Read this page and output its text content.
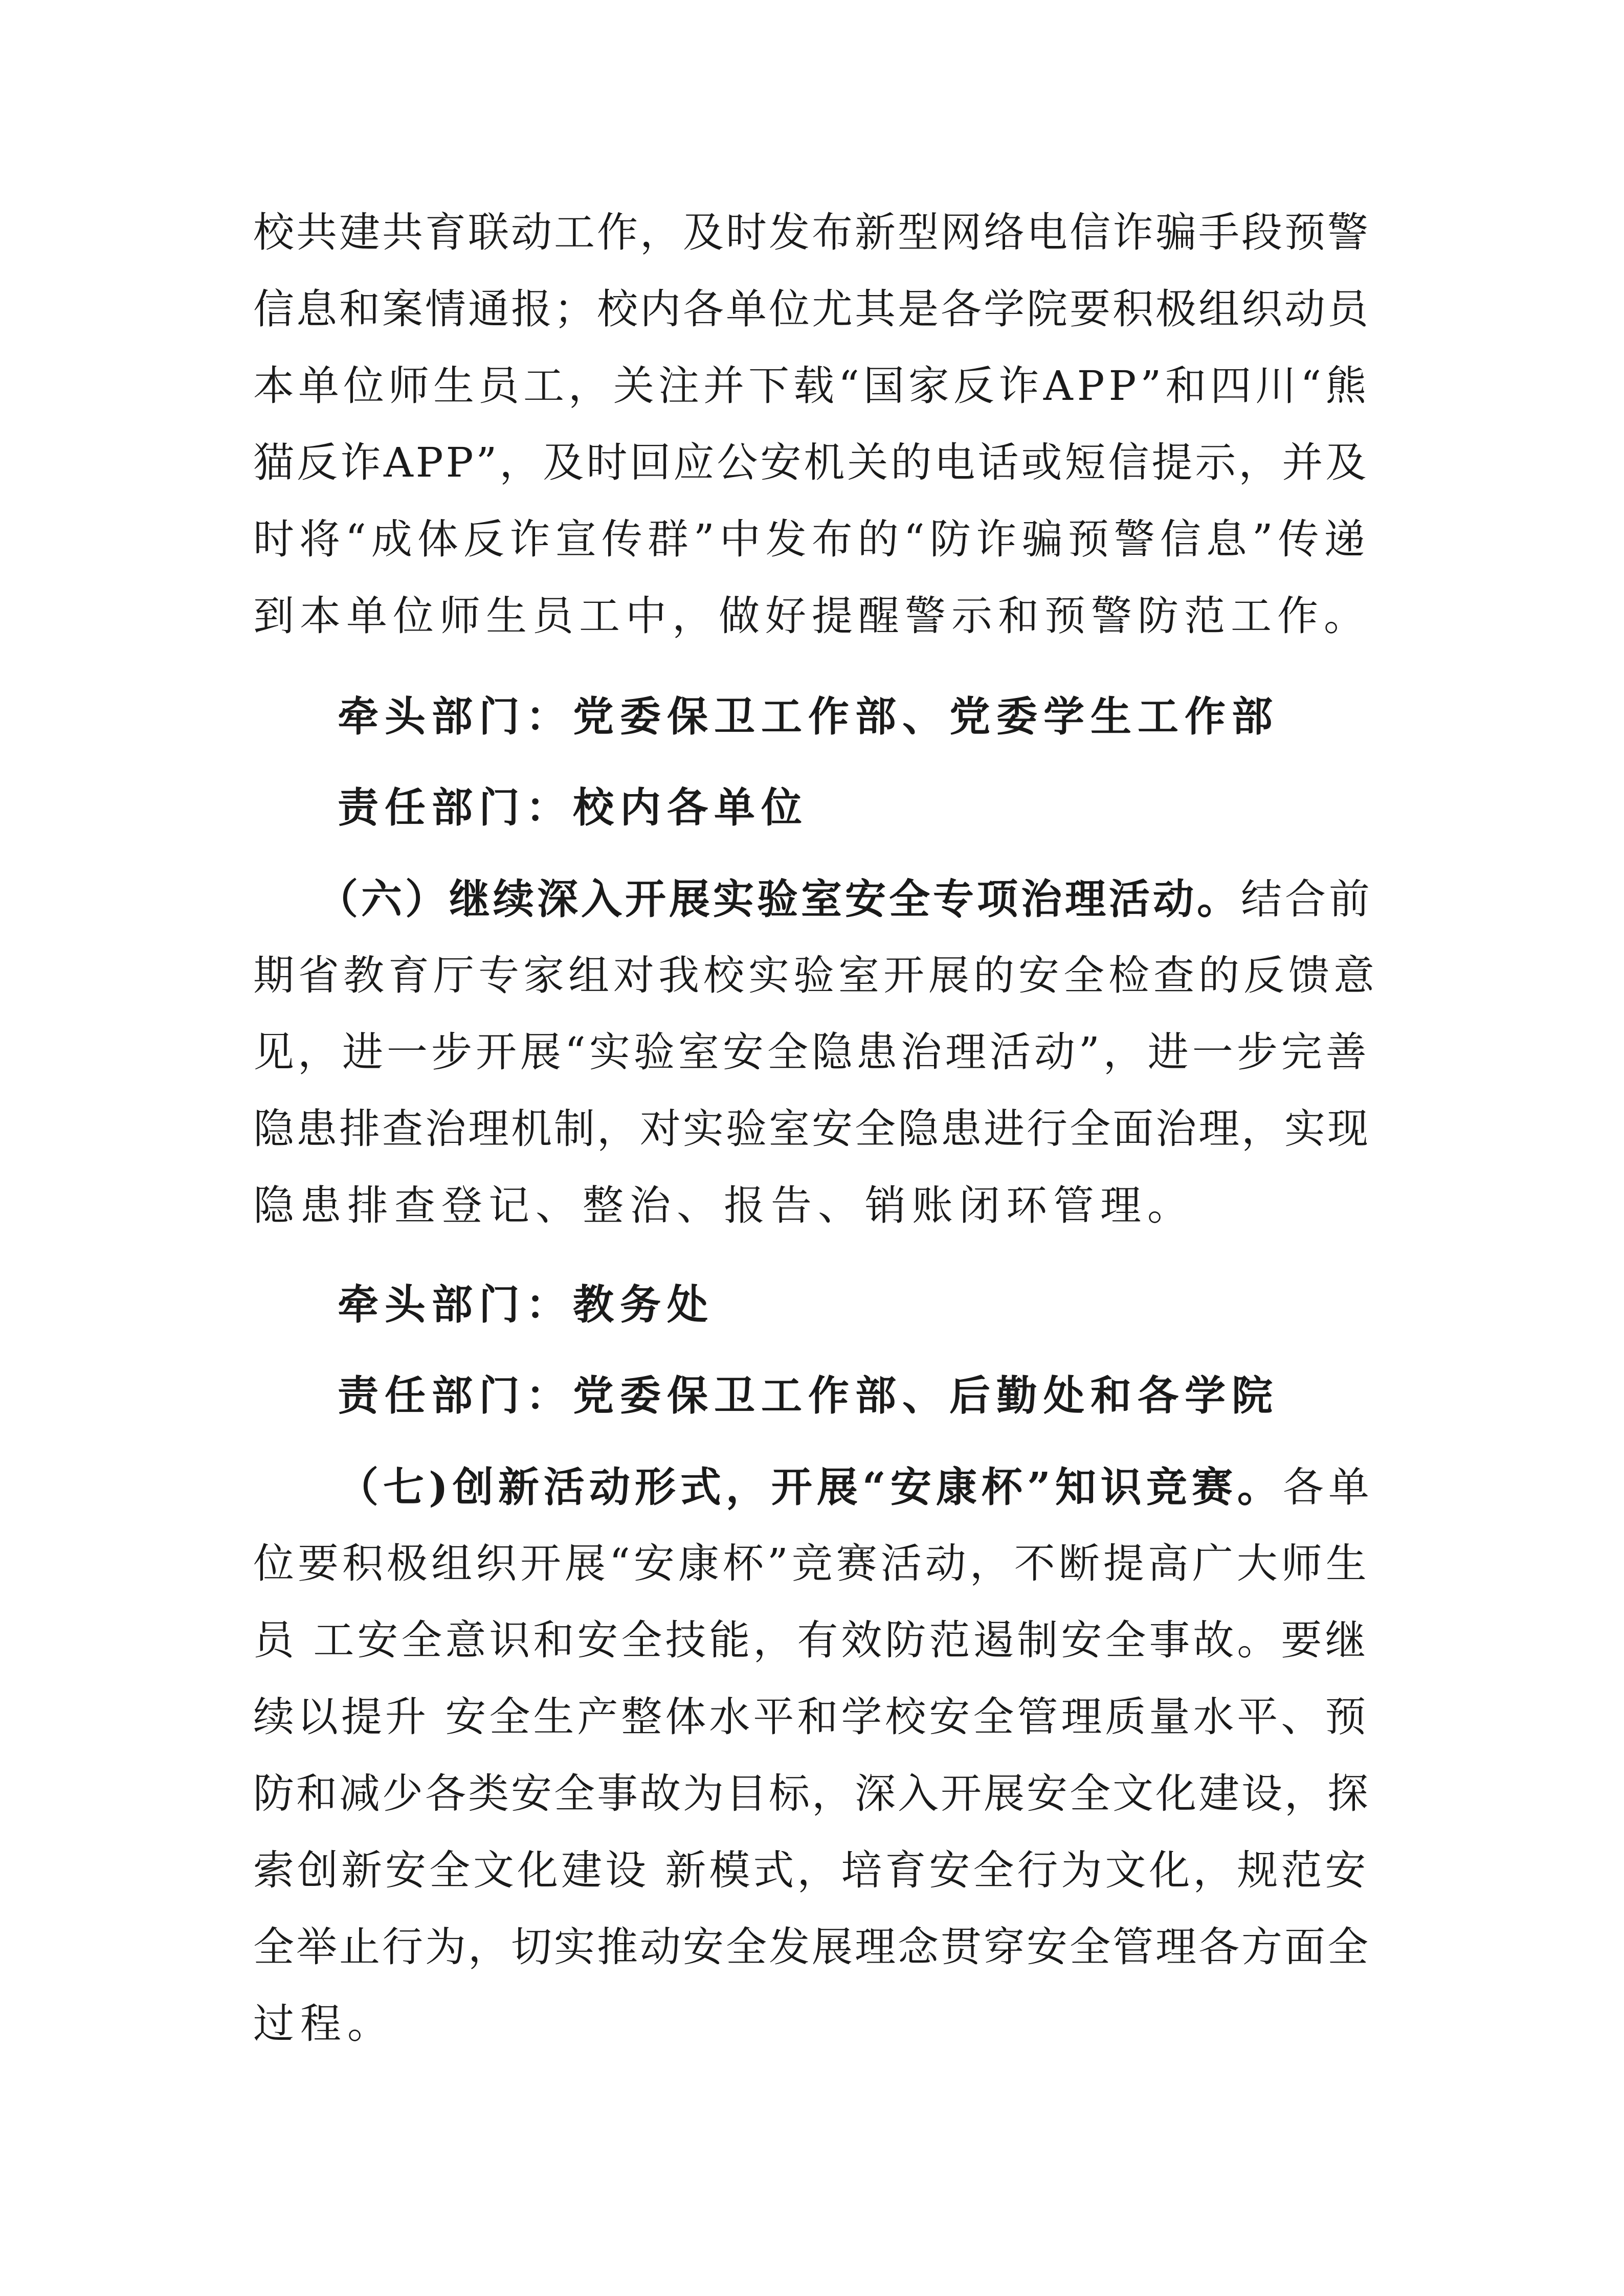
校共建共育联动工作，及时发布新型网络电信诈骗手段预警
信息和案情通报；校内各单位尤其是各学院要积极组织动员
本单位师生员工，关注并下载“国家反诈APP”和四川“熊
猫反诈APP”，及时回应公安机关的电话或短信提示，并及
时将“成体反诈宣传群”中发布的“防诈骗预警信息”传递
到本单位师生员工中，做好提醒警示和预警防范工作。
牵头部门：党委保卫工作部、党委学生工作部
责任部门：校内各单位
（六）继续深入开展实验室安全专项治理活动。结合前
期省教育厅专家组对我校实验室开展的安全检查的反馈意
见，进一步开展“实验室安全隐患治理活动”，进一步完善
隐患排查治理机制，对实验室安全隐患进行全面治理，实现
隐患排查登记、整治、报告、销账闭环管理。
牵头部门：教务处
责任部门：党委保卫工作部、后勤处和各学院
（七)创新活动形式，开展“安康杯”知识竞赛。各单
位要积极组织开展“安康杯”竞赛活动，不断提高广大师生
员 工安全意识和安全技能，有效防范遏制安全事故。要继
续以提升 安全生产整体水平和学校安全管理质量水平、预
防和减少各类安全事故为目标，深入开展安全文化建设，探
索创新安全文化建设 新模式，培育安全行为文化，规范安
全举止行为，切实推动安全发展理念贯穿安全管理各方面全
过程。
